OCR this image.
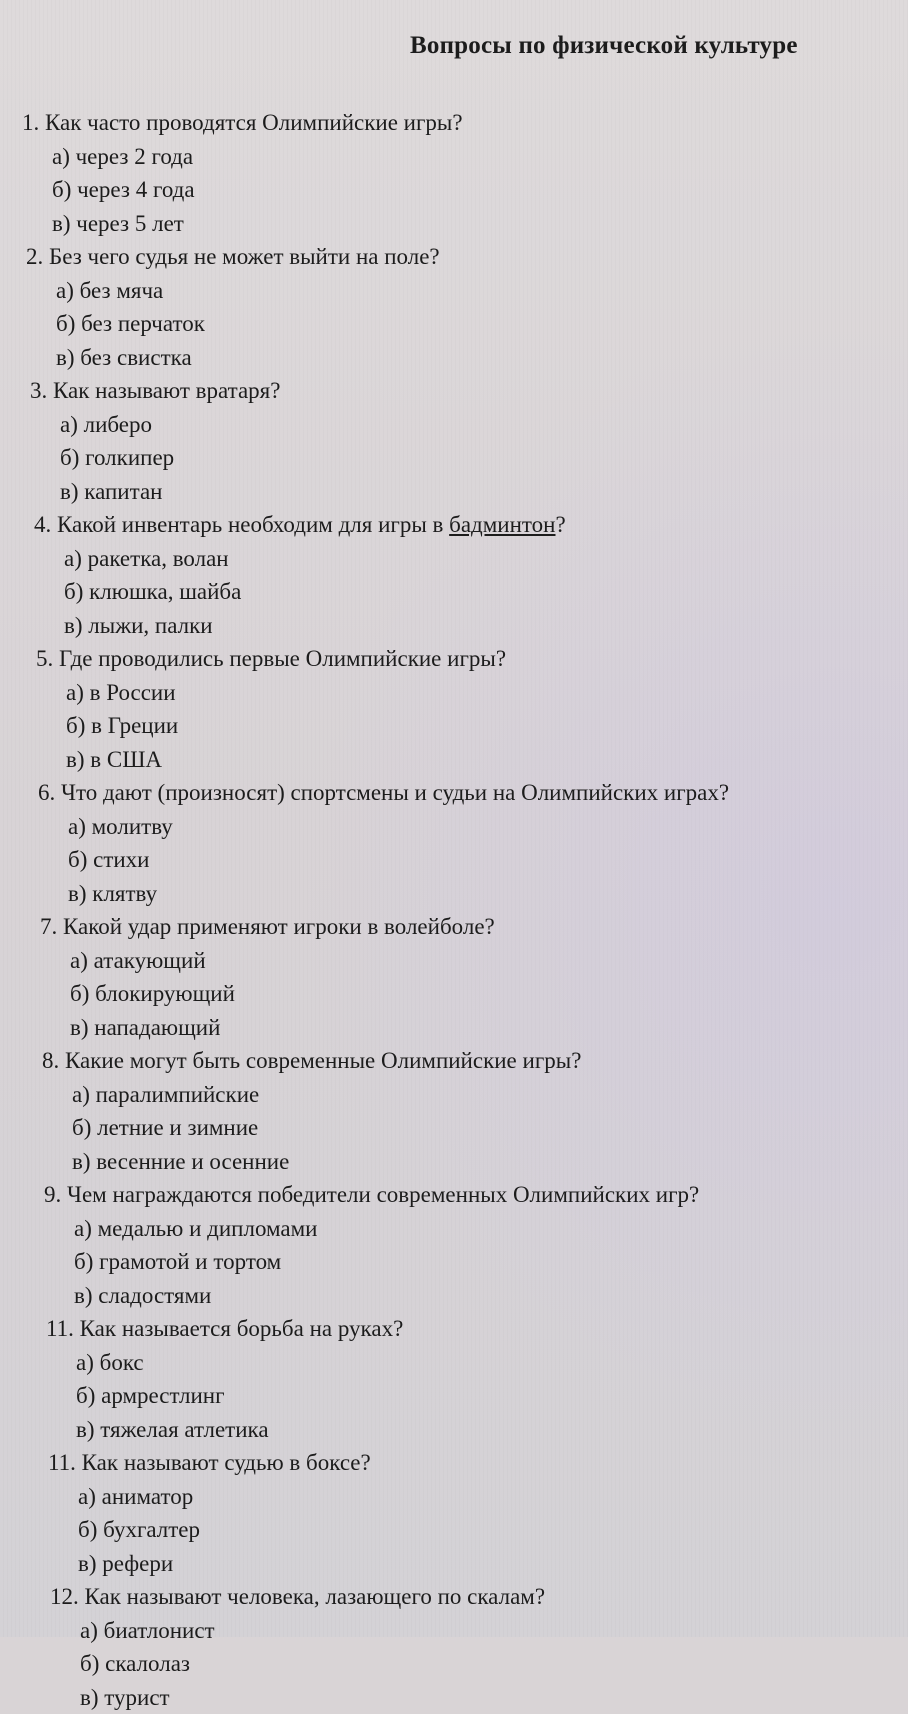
Вопросы по физической культуре
1. Как часто проводятся Олимпийские игры?
а) через 2 года
б) через 4 года
в) через 5 лет
2. Без чего судья не может выйти на поле?
а) без мяча
б) без перчаток
в) без свистка
3. Как называют вратаря?
а) либеро
б) голкипер
в) капитан
4. Какой инвентарь необходим для игры в бадминтон?
а) ракетка, волан
б) клюшка, шайба
в) лыжи, палки
5. Где проводились первые Олимпийские игры?
а) в России
б) в Греции
в) в США
6. Что дают (произносят) спортсмены и судьи на Олимпийских играх?
а) молитву
б) стихи
в) клятву
7. Какой удар применяют игроки в волейболе?
а) атакующий
б) блокирующий
в) нападающий
8. Какие могут быть современные Олимпийские игры?
а) паралимпийские
б) летние и зимние
в) весенние и осенние
9. Чем награждаются победители современных Олимпийских игр?
а) медалью и дипломами
б) грамотой и тортом
в) сладостями
11. Как называется борьба на руках?
а) бокс
б) армрестлинг
в) тяжелая атлетика
11. Как называют судью в боксе?
а) аниматор
б) бухгалтер
в) рефери
12. Как называют человека, лазающего по скалам?
а) биатлонист
б) скалолаз
в) турист
